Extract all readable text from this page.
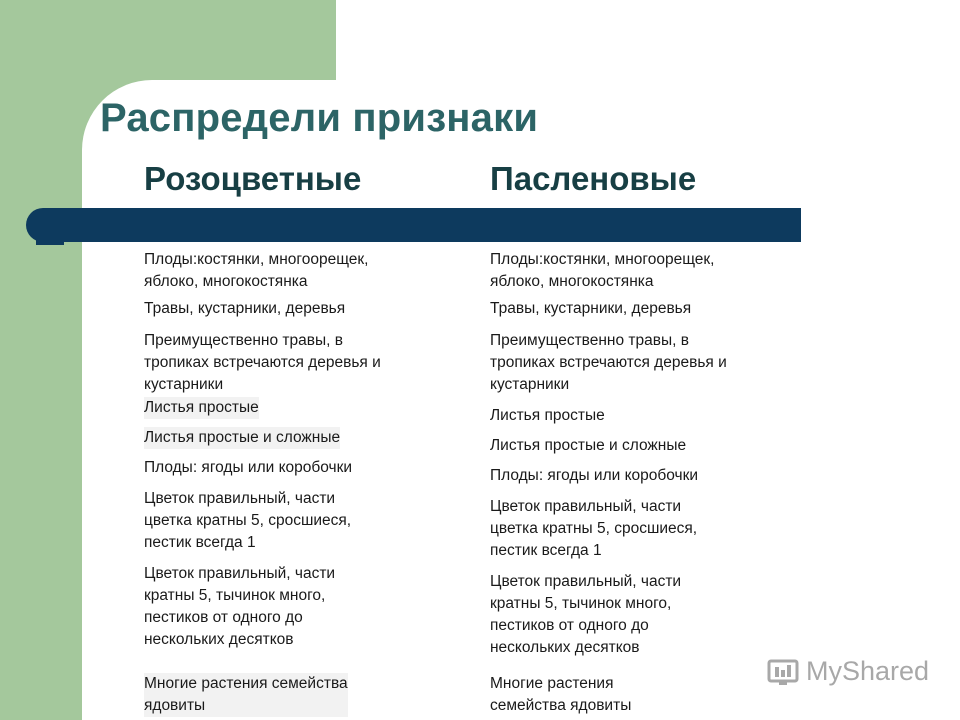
Распредели признаки
Розоцветные	Пасленовые
Плоды:костянки, многоорещек,
яблоко, многокостянка
Травы, кустарники, деревья
Преимущественно травы, в
тропиках встречаются деревья и
кустарники
Листья простые
Листья простые и сложные
Плоды: ягоды или коробочки
Цветок правильный, части
цветка кратны 5, сросшиеся,
пестик всегда 1
Цветок правильный, части
кратны 5, тычинок много,
пестиков от одного до
нескольких десятков
Многие растения семейства
ядовиты
Плоды:костянки, многоорещек,
яблоко, многокостянка
Травы, кустарники, деревья
Преимущественно травы, в
тропиках встречаются деревья и
кустарники
Листья простые
Листья простые и сложные
Плоды: ягоды или коробочки
Цветок правильный, части
цветка кратны 5, сросшиеся,
пестик всегда 1
Цветок правильный, части
кратны 5, тычинок много,
пестиков от одного до
нескольких десятков
Многие растения
семейства ядовиты
MyShared
